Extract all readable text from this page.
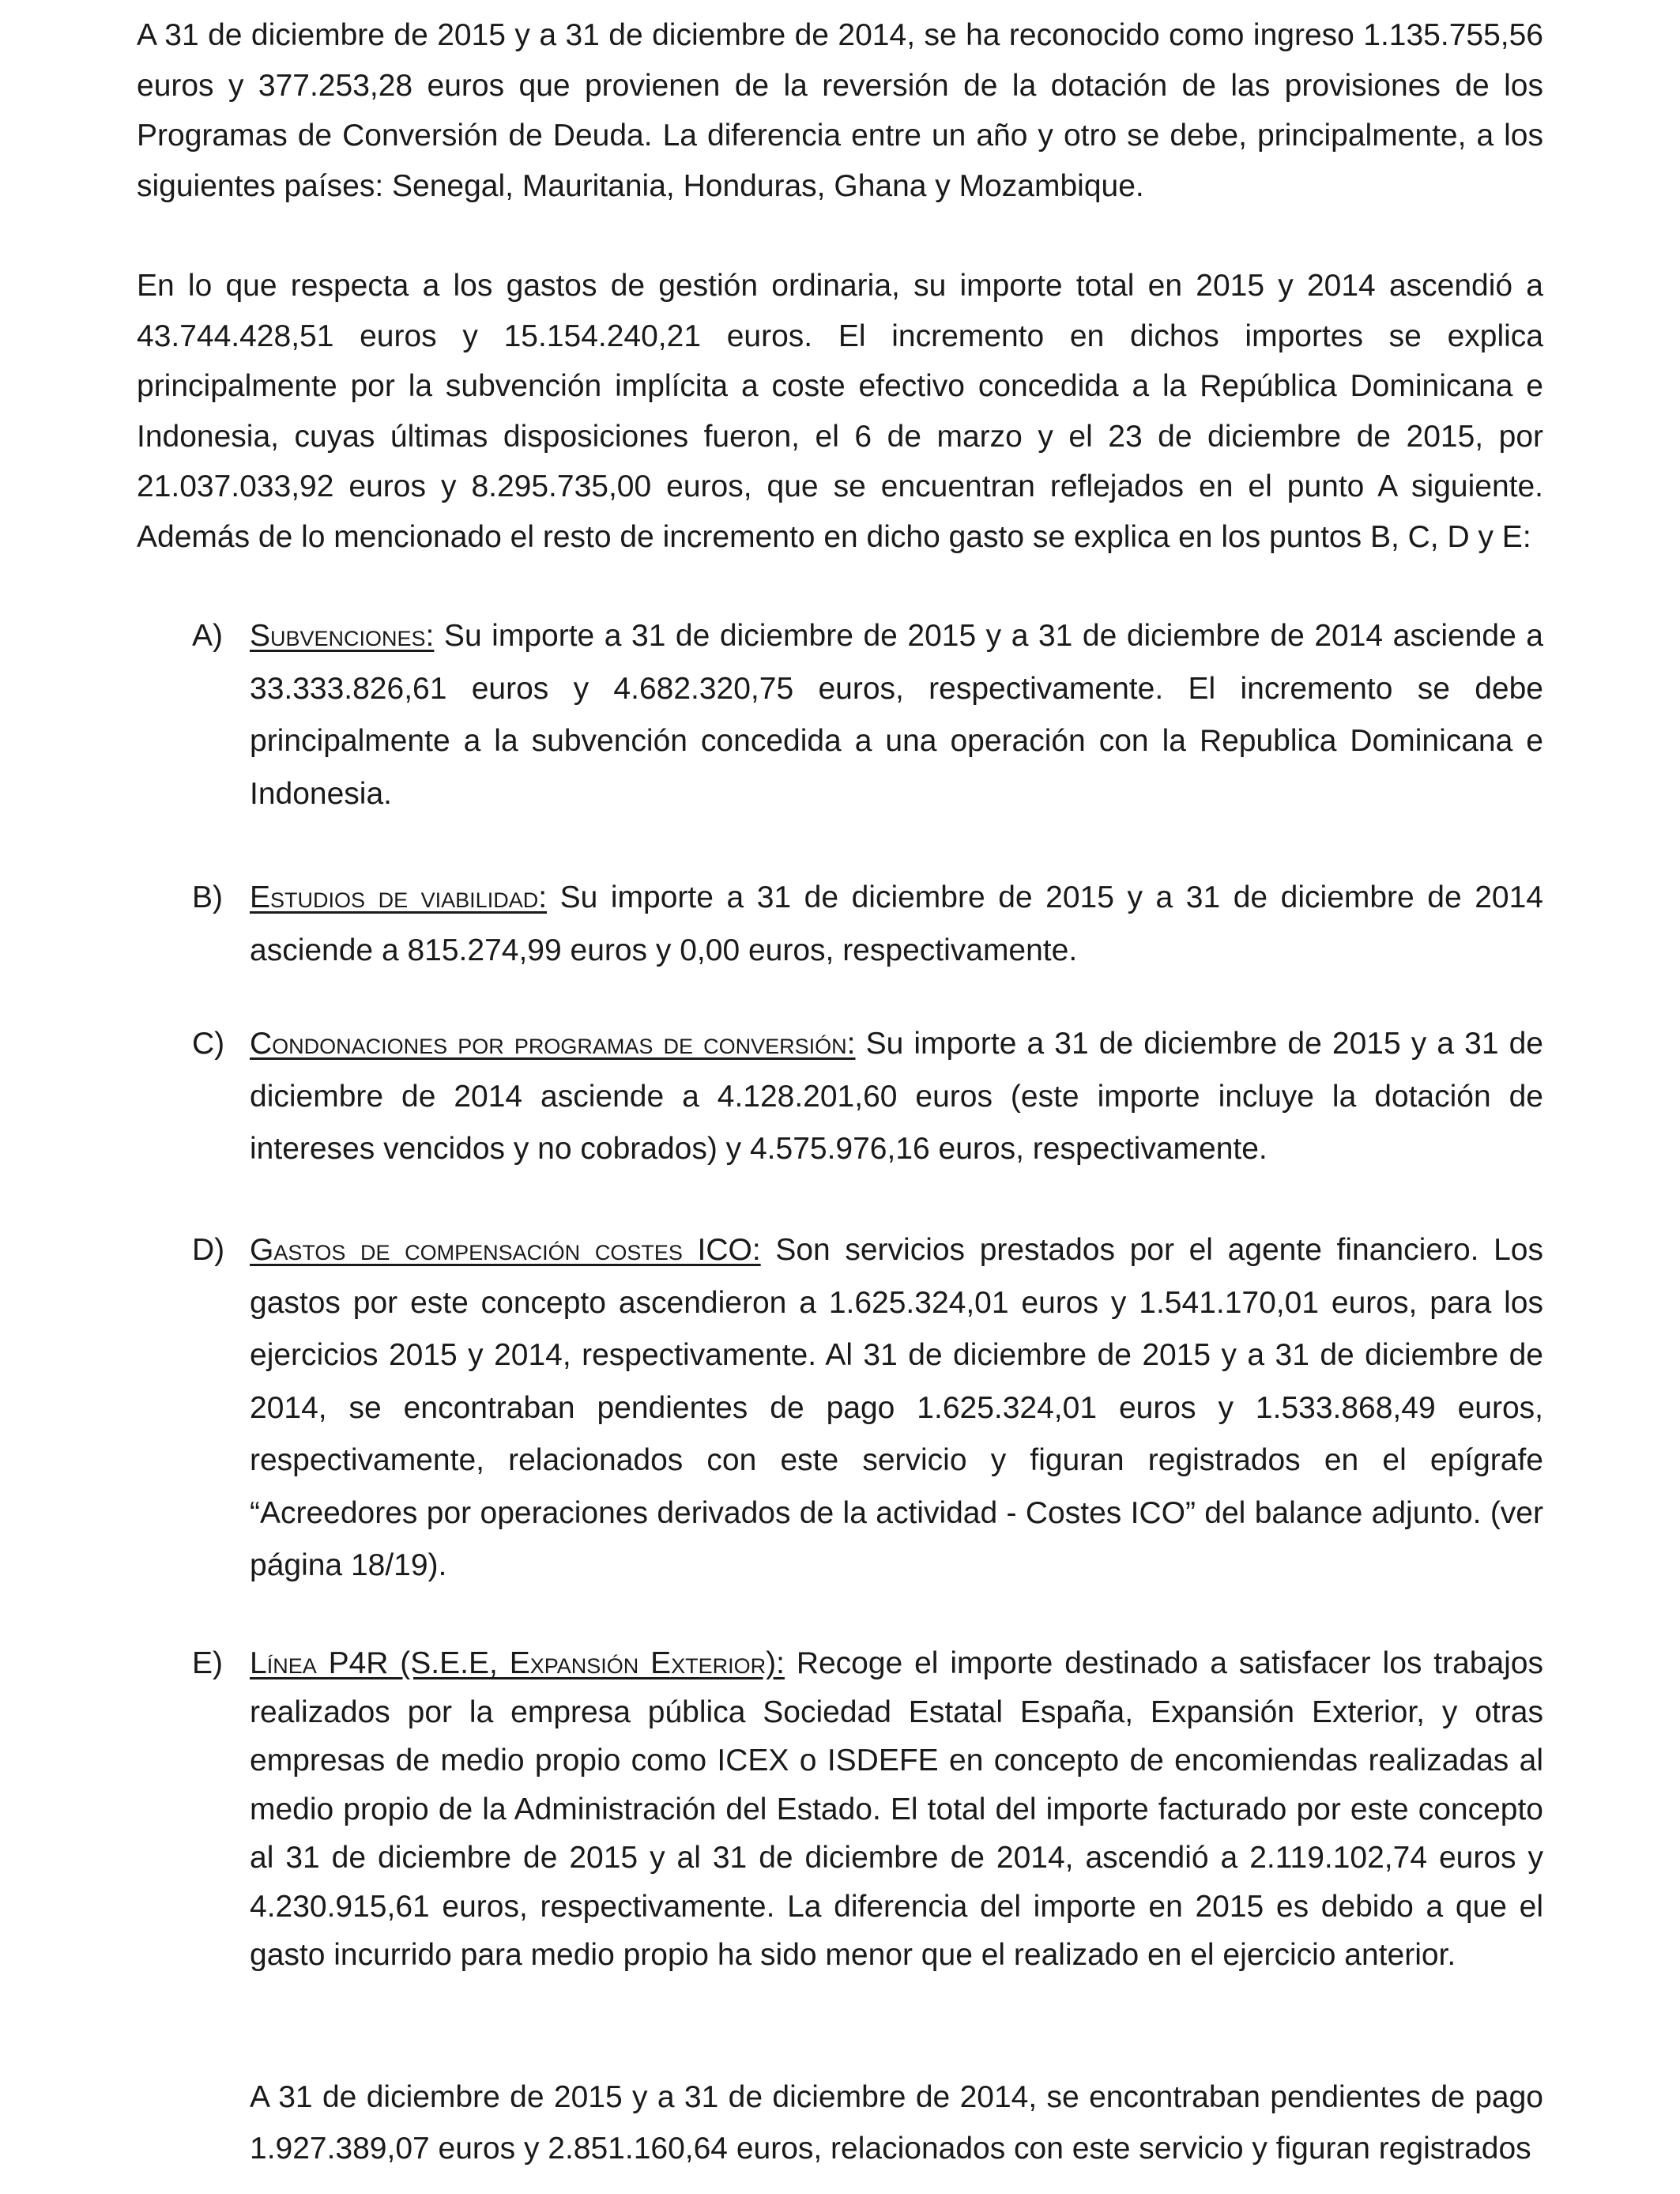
A 31 de diciembre de 2015 y a 31 de diciembre de 2014, se ha reconocido como ingreso 1.135.755,56 euros y 377.253,28 euros que provienen de la reversión de la dotación de las provisiones de los Programas de Conversión de Deuda. La diferencia entre un año y otro se debe, principalmente, a los siguientes países: Senegal, Mauritania, Honduras, Ghana y Mozambique.

En lo que respecta a los gastos de gestión ordinaria, su importe total en 2015 y 2014 ascendió a 43.744.428,51 euros y 15.154.240,21 euros. El incremento en dichos importes se explica principalmente por la subvención implícita a coste efectivo concedida a la República Dominicana e Indonesia, cuyas últimas disposiciones fueron, el 6 de marzo y el 23 de diciembre de 2015, por 21.037.033,92 euros y 8.295.735,00 euros, que se encuentran reflejados en el punto A siguiente. Además de lo mencionado el resto de incremento en dicho gasto se explica en los puntos B, C, D y E:

A) Subvenciones: Su importe a 31 de diciembre de 2015 y a 31 de diciembre de 2014 asciende a 33.333.826,61 euros y 4.682.320,75 euros, respectivamente. El incremento se debe principalmente a la subvención concedida a una operación con la Republica Dominicana e Indonesia.
B) Estudios de viabilidad: Su importe a 31 de diciembre de 2015 y a 31 de diciembre de 2014 asciende a 815.274,99 euros y 0,00 euros, respectivamente.
C) Condonaciones por programas de conversión: Su importe a 31 de diciembre de 2015 y a 31 de diciembre de 2014 asciende a 4.128.201,60 euros (este importe incluye la dotación de intereses vencidos y no cobrados) y 4.575.976,16 euros, respectivamente.
D) Gastos de compensación costes ICO: Son servicios prestados por el agente financiero. Los gastos por este concepto ascendieron a 1.625.324,01 euros y 1.541.170,01 euros, para los ejercicios 2015 y 2014, respectivamente. Al 31 de diciembre de 2015 y a 31 de diciembre de 2014, se encontraban pendientes de pago 1.625.324,01 euros y 1.533.868,49 euros, respectivamente, relacionados con este servicio y figuran registrados en el epígrafe “Acreedores por operaciones derivados de la actividad - Costes ICO” del balance adjunto. (ver página 18/19).
E) Línea P4R (S.E.E, Expansión Exterior): Recoge el importe destinado a satisfacer los trabajos realizados por la empresa pública Sociedad Estatal España, Expansión Exterior, y otras empresas de medio propio como ICEX o ISDEFE en concepto de encomiendas realizadas al medio propio de la Administración del Estado. El total del importe facturado por este concepto al 31 de diciembre de 2015 y al 31 de diciembre de 2014, ascendió a 2.119.102,74 euros y 4.230.915,61 euros, respectivamente. La diferencia del importe en 2015 es debido a que el gasto incurrido para medio propio ha sido menor que el realizado en el ejercicio anterior.

A 31 de diciembre de 2015 y a 31 de diciembre de 2014, se encontraban pendientes de pago 1.927.389,07 euros y 2.851.160,64 euros, relacionados con este servicio y figuran registrados
